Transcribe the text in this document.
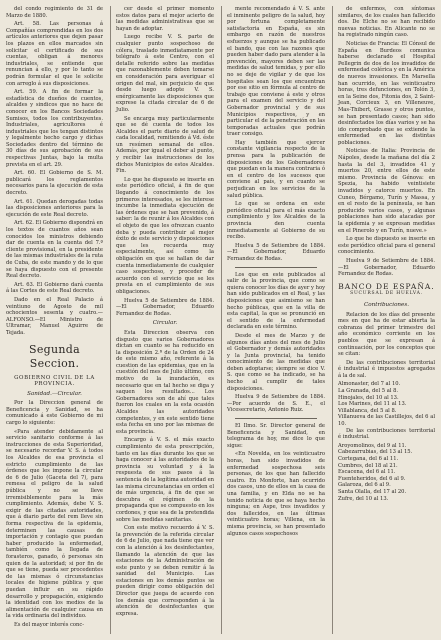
del condo regimiento de 31 de Marzo de 1880.

Art. 58. Las personas á Compañías comprendidas en los dos artículos anteriores que dejen pasar los plazos en ellos marcados sin solicitar el certificado de sus cuentas, obligan á menores industriales, se entiende que renuncian á ello, y por lo tanto se podrán formular el que le solicite con arreglo á sus disposiciones.

Art. 59. A fin de formar la estadística de dueños de cuentos, alcaldes y sindicos que no hace de conocer en los Bancos Sociedades Sumisos, todos los contribuyentes. Industriales, agricultores é industriales que los tengan distintos y legalmente hecho cargo y dichas Sociedades dentro del término de 30 días de sus aprobación de sus respectivas Juntas, bajo la multa prevista en el art. 29.

Art. 60. El Gobierno de S. M. publicará los reglamentos necesarios para la ejecución de esta decreto.

Art. 61. Quedan derogadas todas las disposiciones anteriores para la ejecución de este Real decreto.

Art. 62. El Gobierno dispondrá en los textos de cuantos años sean conocidos los ministros debiendo dar de cuenta en la cuenta del 7.º cliente provisional, en la presidente de las mismas industriales de la ruta de Cuba, de este mando y de lo que se haya dispuesto con el presente Real decreto.

Art. 63. El Gobierno dará cuenta á las Cortes de este Real decreto.

Dado en el Real Palacio á veintiuno de Agosto de mil ochocientos sesenta y cuatro.—ALFONSO.—El Ministro de Ultramar, Manuel Aguirre de Tejada.

Segunda Seccion.
GOBIERNO CIVIL DE LA PROVINCIA.
Sanidad.—Circular.

Por la Direccion general de Beneficencia y Sanidad, se ha comunicado á este Gobierno de mi cargo lo siguiente:

«Para atender debidamente al servicio sanitario conforme á las instrucciones de esta Superioridad, se necesario recordar V. S. á todos los Alcaldes de esa provincia el estricto cumplimiento de las órdenes que les impone la circular de 6 de Julio (Gaceta del 7), para remesa el peligro de la salud pública y no se lleve irremisiblemente para la más cumplimiento. Además, debe V. S. exigir de las citadas autoridades, que á diario parte del rem lleve sin forma respectiva de la epidemia, determinen las causas de importación y contagio que puedan haber producido la enfermedad, también como la llegada de forasteros, ganado, ó personas sin quien de la autoridad; si por fin de que se tiene, pueda ser procedentes de las mismas ó circunstancias locales de higiene pública y que puedan influir en su rápido desarrollo y propagación, exigiendo la identidad con los medios de la alimentación de cualquier causa en la vida ordinaria del individuo.

Es del mayor interés conc-

cer desde el primer momento estos datos para el mejor acierto de las medidas administrativas que se hayan de adoptar.

Luego recibe V. S. parte de cualquier punto sospechoso de cólera, traslado inmediatamente por telégrafo á este Centro, con el detalle referido sobre las medidas que razonablemente deben tomarse en consideración para averiguar el origen del mal, sin perjuicio de que desde luego adopte V. S. enérgicamente las disposiciones que exprese la citada circular de 6 de Julio.

Se encarga muy particularmente que se dé cuenta de todos los Alcaldes el parte diario de salud de cada localidad, remitiendo á Vd. éste un resúmen semanal de ellos. Además, por igual el deber al punto, y recibir las instrucciones de los dichos Municipios de estos Alcaldes. Fin.

Lo que he dispuesto se inserte en este periódico oficial, á fin de que llegando á conocimiento de los primeros interesados, se les interese incumbe la inmediata ejecución de las órdenes que se han prevenido, á saber: la de reunir á los Alcaldes con el objeto de que les ofrezcan cuanto deba y pueda contribuir al mejor éxito de este servicio y disposiciones que les recuerda muy especialmente, así como la obligación en que se hallan de dar cuenta inmediatamente de cualquier caso sospechoso, y proceder de acuerdo con el servicio que se les presta en el cumplimiento de sus obligaciones.

Huelva 5 de Setiembre de 1884.—El Gobernador, Eduardo Fernandez de Rodas.

Circular.

Esta Direccion observa con disgusto que varios Gobernadores dictan en cuanto se ha reducido en la disposición 2.ª de la Orden de 24 de este mismo año, referente á la cuestion de las epidemias, que en la cuestión del mes de Julio último, con motivo de la inundación, es necesario que en tal hecho se diga y saquen los resultados... Los Gobernadores son de ahí que tales fueron los cuales en la esta ocasión Alcaldes las autoridades competentes, y en este sentido tiene esta fecha en uno por las mismas de esta provincia.

Encargo á V. S. el más exacto cumplimiento de esta prescripción, tanto en las días durante los que se haga conocer á las autoridades de la provincia su voluntad y á la respuesta de sus pasos á la sentencia de la legítima autoridad en las misma circunstancias en orden el de más urgencia, á fin de que se descubra el régimen de la propaganda que se compuesto en los cordones, y que sea de la pretendida sobre las medidas sanitarias.

Con este motivo recuerdo á V. S. la prevención de la referida circular de 6 de Julio, que nada tiene que ver con la atención á los desinfectantes, llamando la atención de que las estaciones de la Administración de este punto y se deben remitir á la sanidad del Municipio. Las estaciones en los demás puntos se pueden dirigir como obligación del Director que juega de acuerdo con los demás que corresponden á la atención de desinfectantes que expresa.

mente recomendado á V. S. ante el inminente peligro de la salud, hoy por fortuna completamente satisfactoria en España, es sin embargo en razón de nuestros esfuerzos y aunque se ha publicado el bando, que con las razones que pueden haber dado para atender á la prevención, mayores deben ser las medidas de salud temidas, y por ello no se deje de vigilar y de que los hospitales sean los que encuentran por ese sitio en fórmula al centro de trabajo que conviene á este y otros para el examen del servicio y del Gobernador provincial y de sus Municipios respectivos, y en particular el de la penetración en las temporadas actuales que podrán traer consigo.

Hay también que ejercer constante vigilancia respecto de la prensa para la publicación de disposiciones de los Gobernadores que puedan en la manera contraria ó en el centro de los sucesos que conviene al país, y en cuanto se perjudican en los servicios de la salud pública.

Lo que se ordena en este periódico oficial para el más exacto cumplimiento y los Alcaldes de la provincia den cuenta inmediatamente al Gobierno de su recibo.

Huelva 5 de Setiembre de 1884.—El Gobernador, Eduardo Fernandez de Rodas.

Los que en este publicados al salir de la provincia, que como se quiera conocer los días de ayer y hoy han sido publicados en el Real, y las disposiciones que asimismo se han hecho públicas, que en la villa de esta capital, la que se pronunció en el sentido de la enfermedad declarada en este término.

Desde el mes de Marzo y de algunos días antes del mes de Julio el Gobernador y demás autoridades y la Junta provincial, ha tenido conocimiento de las medidas que deben adoptarse; siempre se dice V. S. que como se ha indicado, se ha hecho al cumplir de tales disposiciones.

Huelva 9 de Setiembre de 1884.—Por acuerdo de S. E., el Vicesecretario, Antonio Ruiz.

El Ilmo. Sr. Director general de Beneficencia y Sanidad, en telegrama de hoy, me dice lo que sigue:

«En Novelda, en los veinticuatro horas, han sido invadidos de enfermedad sospechosa seis personas, de los que han fallecido cuatro. En Monforte, han ocurrido dos casos, uno de ellos en la casa de una familia, y en Elda no se ha tenido noticia de que se haya hecho ninguna; en Aspe, tres invadidos y dos fallecidos, en las últimas veinticuatro horas; Villena, en la misma provincia, se han presentado algunos casos sospechosos

de enfermos, con síntomas similares, de los cuales han fallecido dos. De Elche no se han recibido nuevas noticias. En Alicante no se ha registrado ningún caso.

Noticias de Francia: El Cónsul de España en Burdeos comunica haberse declarado el Hospital Pellegrin de dos de los invadidos de enfermedad colérica y en la América de nuevos invasiones. En Marsella han ocurrido, en las veinticuatro horas, tres defunciones, en Tolón 3, en la Seine dos, Fitonia dos, 2 Saint-Jean, Corcieux 3, en Villeneuve, Mas-Thibert, Grasse y otros puntos, se han presentado casos; han sido desinfectados los días varios y se ha ido comprobado que se extiende la enfermedad en las distintas poblaciones.

Noticias de Italia: Provincia de Nápoles, desde la mañana del día 2 hasta la del 3, invadidos 41 y muertos 20, entre ellos de este mismo. Provincia de Génova: en Spezia, ha habido veintisiete invadidos y catorce muertos. En Cuneo, Bérgamo, Turín y Massa, y en el resto de la península, se han producido varios casos, y algunas poblaciones han sido atacadas por la epidemia y se expresan medidas en el Pinerolo y en Turín, nueve.»

Lo que he dispuesto se inserte en este periódico oficial para el general conocimiento.

Huelva 9 de Setiembre de 1884.—El Gobernador, Eduardo Fernandez de Rodas.

BANCO DE ESPAÑA.
SUCURSAL DE HUELVA.
Contribuciones.

Relacion de los días del presente mes en que ha de estar abierta la cobranza del primer trimestre del año económico corriente en los pueblos que se expresan á continuación, por los conceptos que se citan:

De las contribuciones territorial é industrial é impuestos agregados á la de sal.

Almonaster, del 7 al 10.

La Granada, del 5 al 8.

Hinojales, del 10 al 13.

Los Marines, del 11 al 13.

Villablanca, del 5 al 8.

Villanueva de las Castillejos, del 6 al 10.

De las contribuciones territorial é industrial.

Aroyomolinos, del 9 al 11.

Cabezarrubias, del 13 al 15.

Cortegana, del 6 al 11.

Cumbres, del 18 al 21.

Escacena, del 6 al 11.

Fuenteheridos, del 6 al 9.

Galaroza, del 6 al 9.

Santa Olalla, del 17 al 20.

Zufre, del 10 al 13.
